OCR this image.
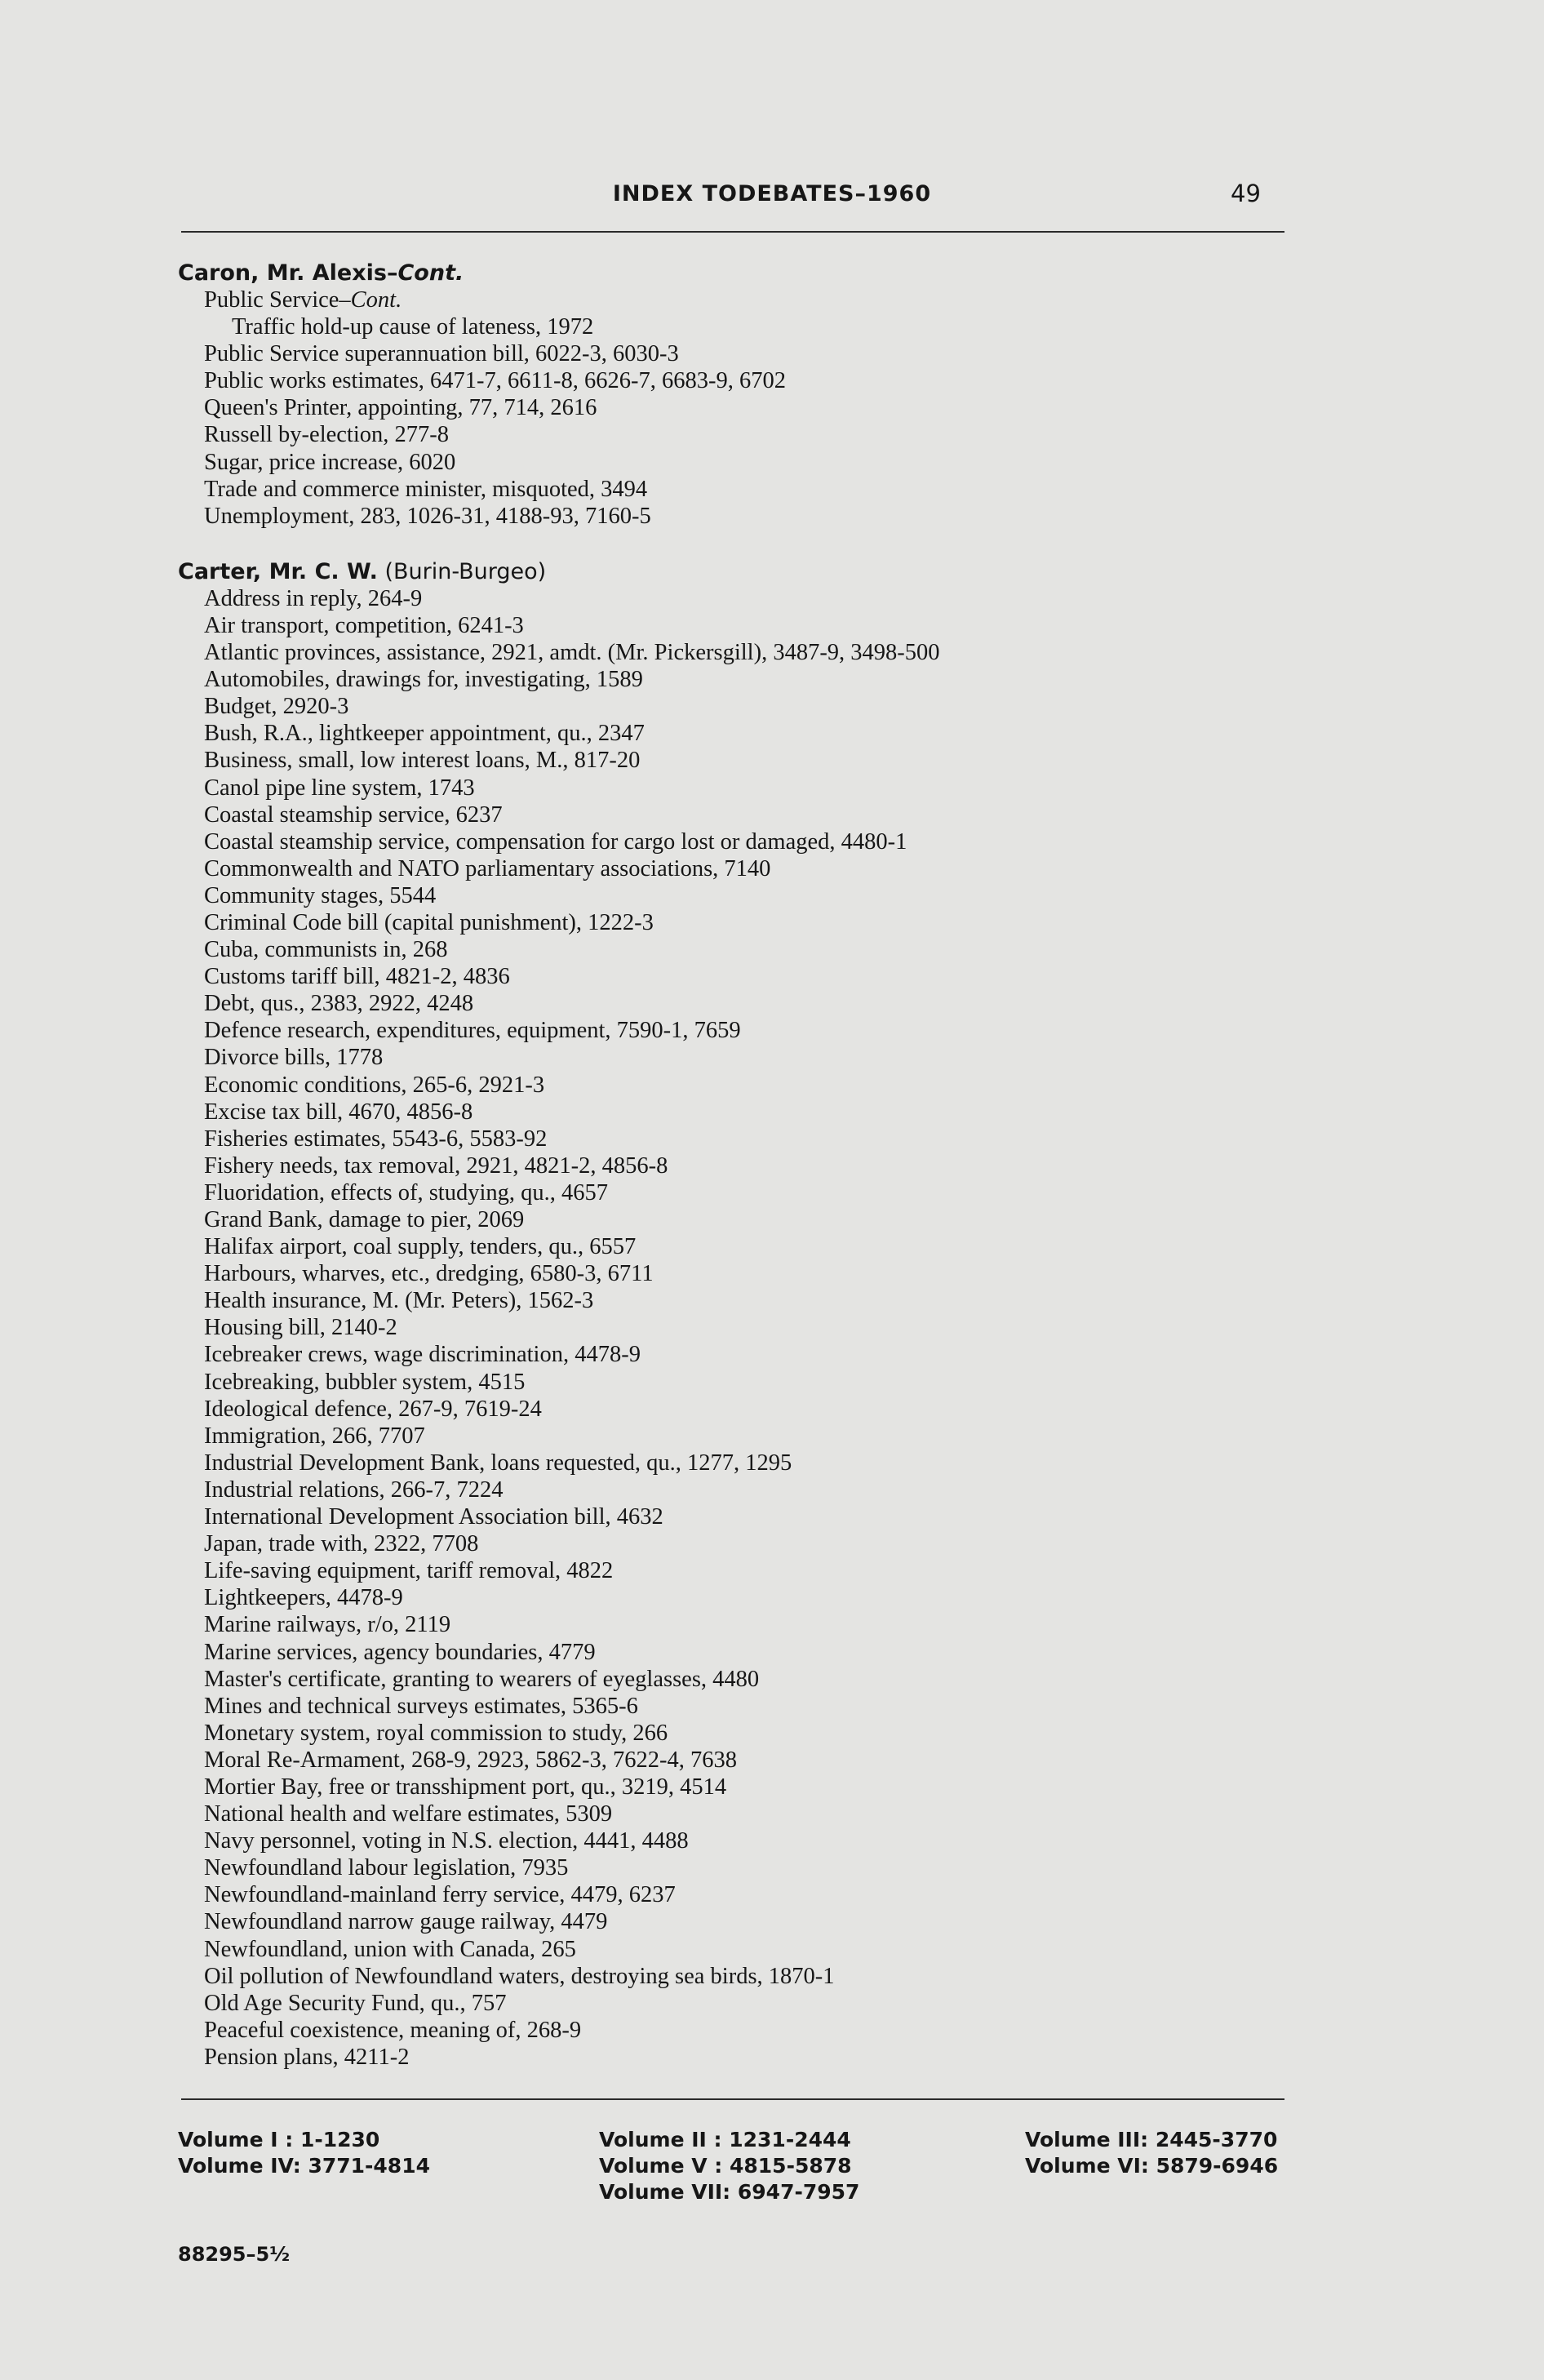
INDEX TODEBATES–1960	49
Caron, Mr. Alexis–Cont.
Public Service–Cont.
Traffic hold-up cause of lateness, 1972
Public Service superannuation bill, 6022-3, 6030-3
Public works estimates, 6471-7, 6611-8, 6626-7, 6683-9, 6702
Queen's Printer, appointing, 77, 714, 2616
Russell by-election, 277-8
Sugar, price increase, 6020
Trade and commerce minister, misquoted, 3494
Unemployment, 283, 1026-31, 4188-93, 7160-5
Carter, Mr. C. W. (Burin-Burgeo)
Address in reply, 264-9
Air transport, competition, 6241-3
Atlantic provinces, assistance, 2921, amdt. (Mr. Pickersgill), 3487-9, 3498-500
Automobiles, drawings for, investigating, 1589
Budget, 2920-3
Bush, R.A., lightkeeper appointment, qu., 2347
Business, small, low interest loans, M., 817-20
Canol pipe line system, 1743
Coastal steamship service, 6237
Coastal steamship service, compensation for cargo lost or damaged, 4480-1
Commonwealth and NATO parliamentary associations, 7140
Community stages, 5544
Criminal Code bill (capital punishment), 1222-3
Cuba, communists in, 268
Customs tariff bill, 4821-2, 4836
Debt, qus., 2383, 2922, 4248
Defence research, expenditures, equipment, 7590-1, 7659
Divorce bills, 1778
Economic conditions, 265-6, 2921-3
Excise tax bill, 4670, 4856-8
Fisheries estimates, 5543-6, 5583-92
Fishery needs, tax removal, 2921, 4821-2, 4856-8
Fluoridation, effects of, studying, qu., 4657
Grand Bank, damage to pier, 2069
Halifax airport, coal supply, tenders, qu., 6557
Harbours, wharves, etc., dredging, 6580-3, 6711
Health insurance, M. (Mr. Peters), 1562-3
Housing bill, 2140-2
Icebreaker crews, wage discrimination, 4478-9
Icebreaking, bubbler system, 4515
Ideological defence, 267-9, 7619-24
Immigration, 266, 7707
Industrial Development Bank, loans requested, qu., 1277, 1295
Industrial relations, 266-7, 7224
International Development Association bill, 4632
Japan, trade with, 2322, 7708
Life-saving equipment, tariff removal, 4822
Lightkeepers, 4478-9
Marine railways, r/o, 2119
Marine services, agency boundaries, 4779
Master's certificate, granting to wearers of eyeglasses, 4480
Mines and technical surveys estimates, 5365-6
Monetary system, royal commission to study, 266
Moral Re-Armament, 268-9, 2923, 5862-3, 7622-4, 7638
Mortier Bay, free or transshipment port, qu., 3219, 4514
National health and welfare estimates, 5309
Navy personnel, voting in N.S. election, 4441, 4488
Newfoundland labour legislation, 7935
Newfoundland-mainland ferry service, 4479, 6237
Newfoundland narrow gauge railway, 4479
Newfoundland, union with Canada, 265
Oil pollution of Newfoundland waters, destroying sea birds, 1870-1
Old Age Security Fund, qu., 757
Peaceful coexistence, meaning of, 268-9
Pension plans, 4211-2
Volume I : 1-1230
Volume IV: 3771-4814
Volume II : 1231-2444
Volume V : 4815-5878
Volume VII: 6947-7957
Volume III: 2445-3770
Volume VI: 5879-6946
88295–5½
